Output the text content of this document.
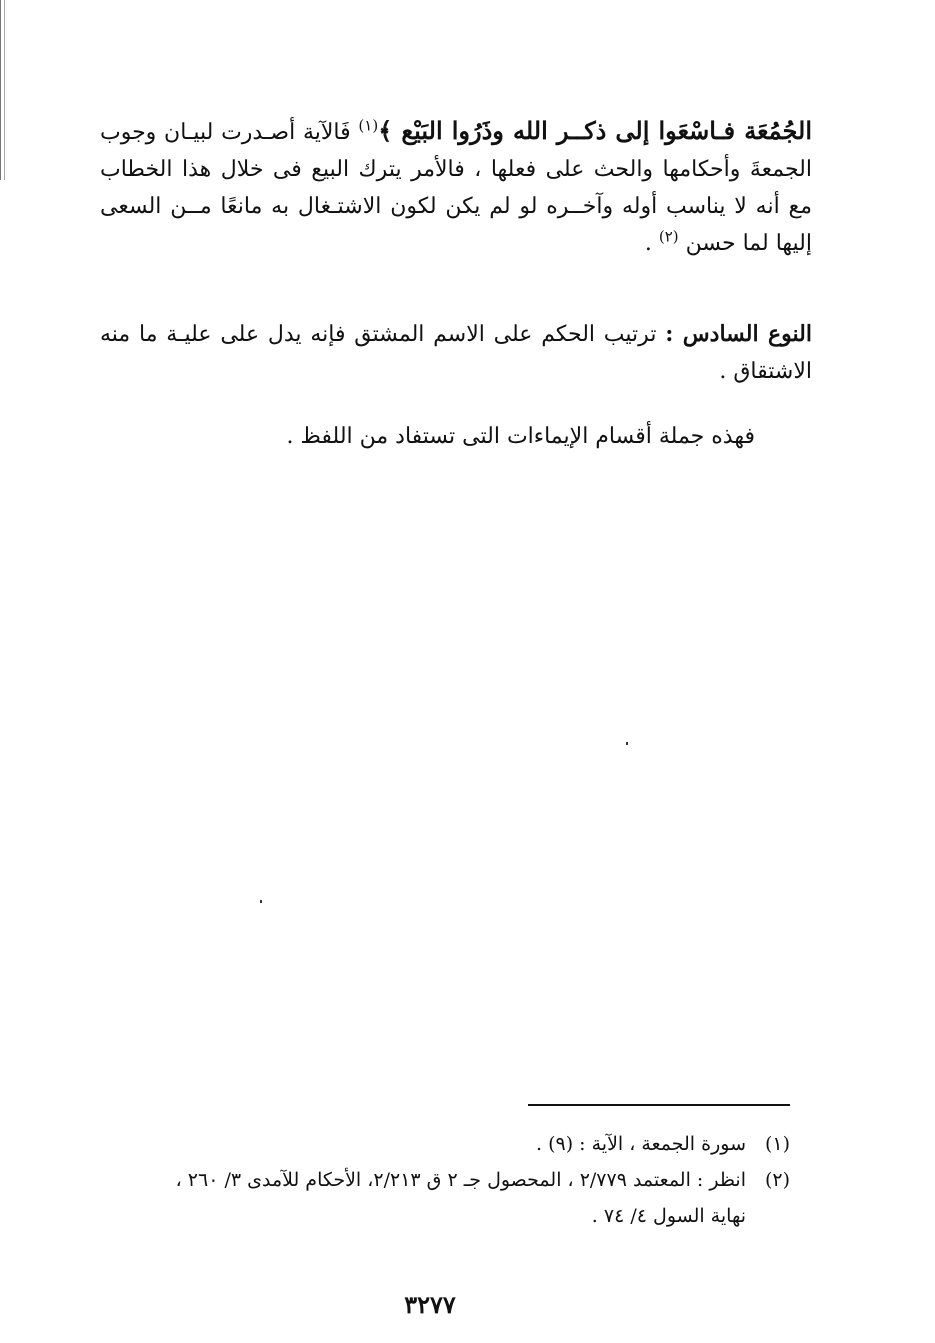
الجُمُعَة فـاسْعَوا إلى ذكــر الله وذَرُوا البَيْع ﴾$^{(١)}$ فَالآية أصـدرت لبيـان وجوب الجمعةَ وأحكامها والحث على فعلها ، فالأمر يترك البيع فى خلال هذا الخطاب مع أنه لا يناسب أوله وآخــره لو لم يكن لكون الاشتـغال به مانعًا مــن السعى إليها لما حسن $^{(٢)}$ .
النوع السادس : ترتيب الحكم على الاسم المشتق فإنه يدل على عليـة ما منه الاشتقاق .
فهذه جملة أقسام الإيماءات التى تستفاد من اللفظ .
(١)سورة الجمعة ، الآية : (٩) .
(٢)انظر : المعتمد ٢/٧٧٩ ، المحصول جـ ٢ ق ٢/٢١٣، الأحكام للآمدى ٣/ ٢٦٠ ،
نهاية السول ٤/ ٧٤ .
٣٢٧٧
